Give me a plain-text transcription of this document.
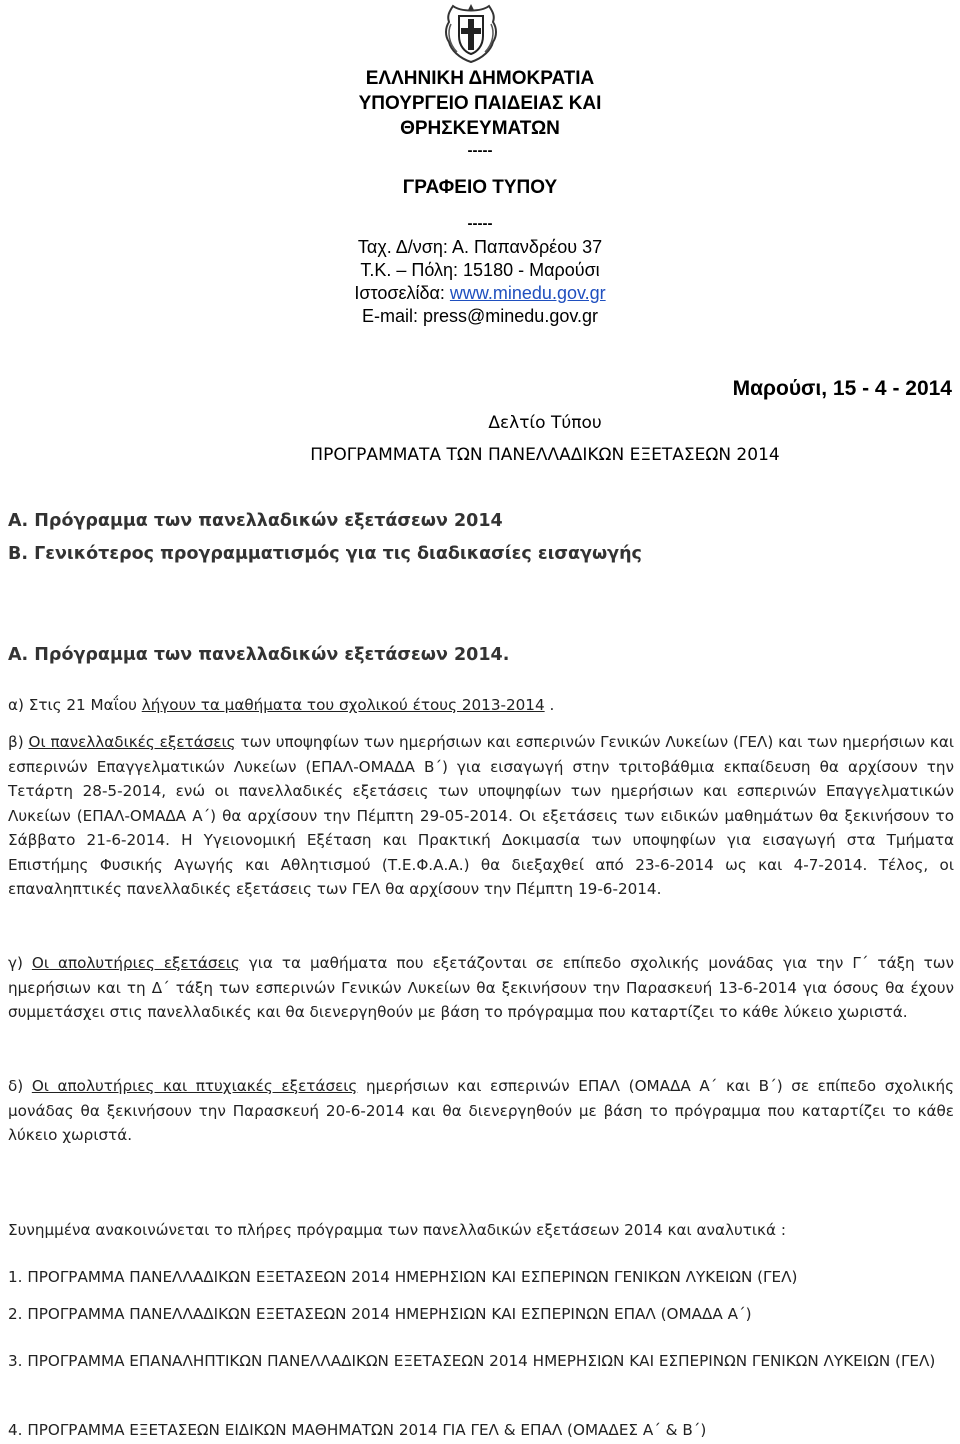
ΕΛΛΗΝΙΚΗ ΔΗΜΟΚΡΑΤΙΑ
ΥΠΟΥΡΓΕΙΟ ΠΑΙΔΕΙΑΣ ΚΑΙ ΘΡΗΣΚΕΥΜΑΤΩΝ
-----
ΓΡΑΦΕΙΟ ΤΥΠΟΥ
-----
Ταχ. Δ/νση: Α. Παπανδρέου 37
Τ.Κ. – Πόλη: 15180 - Μαρούσι
Ιστοσελίδα: www.minedu.gov.gr
E-mail: press@minedu.gov.gr
Μαρούσι, 15 - 4 - 2014
Δελτίο Τύπου
ΠΡΟΓΡΑΜΜΑΤΑ ΤΩΝ ΠΑΝΕΛΛΑΔΙΚΩΝ ΕΞΕΤΑΣΕΩΝ 2014
Α. Πρόγραμμα των πανελλαδικών εξετάσεων 2014
Β. Γενικότερος προγραμματισμός για τις διαδικασίες εισαγωγής
Α. Πρόγραμμα των πανελλαδικών εξετάσεων 2014.
α) Στις 21 Μαΐου λήγουν τα μαθήματα του σχολικού έτους 2013-2014 .
β) Οι πανελλαδικές εξετάσεις των υποψηφίων των ημερήσιων και εσπερινών Γενικών Λυκείων (ΓΕΛ) και των ημερήσιων και εσπερινών Επαγγελματικών Λυκείων (ΕΠΑΛ-ΟΜΑΔΑ Β΄) για εισαγωγή στην τριτοβάθμια εκπαίδευση θα αρχίσουν την Τετάρτη 28-5-2014, ενώ οι πανελλαδικές εξετάσεις των υποψηφίων των ημερήσιων και εσπερινών Επαγγελματικών Λυκείων (ΕΠΑΛ-ΟΜΑΔΑ Α΄) θα αρχίσουν την Πέμπτη 29-05-2014. Οι εξετάσεις των ειδικών μαθημάτων θα ξεκινήσουν το Σάββατο 21-6-2014. Η Υγειονομική Εξέταση και Πρακτική Δοκιμασία των υποψηφίων για εισαγωγή στα Τμήματα Επιστήμης Φυσικής Αγωγής και Αθλητισμού (Τ.Ε.Φ.Α.Α.) θα διεξαχθεί από 23-6-2014 ως και 4-7-2014. Τέλος, οι επαναληπτικές πανελλαδικές εξετάσεις των ΓΕΛ θα αρχίσουν την Πέμπτη 19-6-2014.
γ) Οι απολυτήριες εξετάσεις για τα μαθήματα που εξετάζονται σε επίπεδο σχολικής μονάδας για την Γ΄ τάξη των ημερήσιων και τη Δ΄ τάξη των εσπερινών Γενικών Λυκείων θα ξεκινήσουν την Παρασκευή 13-6-2014 για όσους θα έχουν συμμετάσχει στις πανελλαδικές και θα διενεργηθούν με βάση το πρόγραμμα που καταρτίζει το κάθε λύκειο χωριστά.
δ) Οι απολυτήριες και πτυχιακές εξετάσεις ημερήσιων και εσπερινών ΕΠΑΛ (ΟΜΑΔΑ Α΄ και Β΄) σε επίπεδο σχολικής μονάδας θα ξεκινήσουν την Παρασκευή 20-6-2014 και θα διενεργηθούν με βάση το πρόγραμμα που καταρτίζει το κάθε λύκειο χωριστά.
Συνημμένα ανακοινώνεται το πλήρες πρόγραμμα των πανελλαδικών εξετάσεων 2014 και αναλυτικά :
1. ΠΡΟΓΡΑΜΜΑ ΠΑΝΕΛΛΑΔΙΚΩΝ ΕΞΕΤΑΣΕΩΝ 2014 ΗΜΕΡΗΣΙΩΝ ΚΑΙ ΕΣΠΕΡΙΝΩΝ ΓΕΝΙΚΩΝ ΛΥΚΕΙΩΝ (ΓΕΛ)
2. ΠΡΟΓΡΑΜΜΑ ΠΑΝΕΛΛΑΔΙΚΩΝ ΕΞΕΤΑΣΕΩΝ 2014 ΗΜΕΡΗΣΙΩΝ ΚΑΙ ΕΣΠΕΡΙΝΩΝ ΕΠΑΛ (ΟΜΑΔΑ Α΄)
3. ΠΡΟΓΡΑΜΜΑ ΕΠΑΝΑΛΗΠΤΙΚΩΝ ΠΑΝΕΛΛΑΔΙΚΩΝ ΕΞΕΤΑΣΕΩΝ 2014 ΗΜΕΡΗΣΙΩΝ ΚΑΙ ΕΣΠΕΡΙΝΩΝ ΓΕΝΙΚΩΝ ΛΥΚΕΙΩΝ (ΓΕΛ)
4. ΠΡΟΓΡΑΜΜΑ ΕΞΕΤΑΣΕΩΝ ΕΙΔΙΚΩΝ ΜΑΘΗΜΑΤΩΝ 2014 ΓΙΑ ΓΕΛ & ΕΠΑΛ (ΟΜΑΔΕΣ Α΄ & Β΄)
